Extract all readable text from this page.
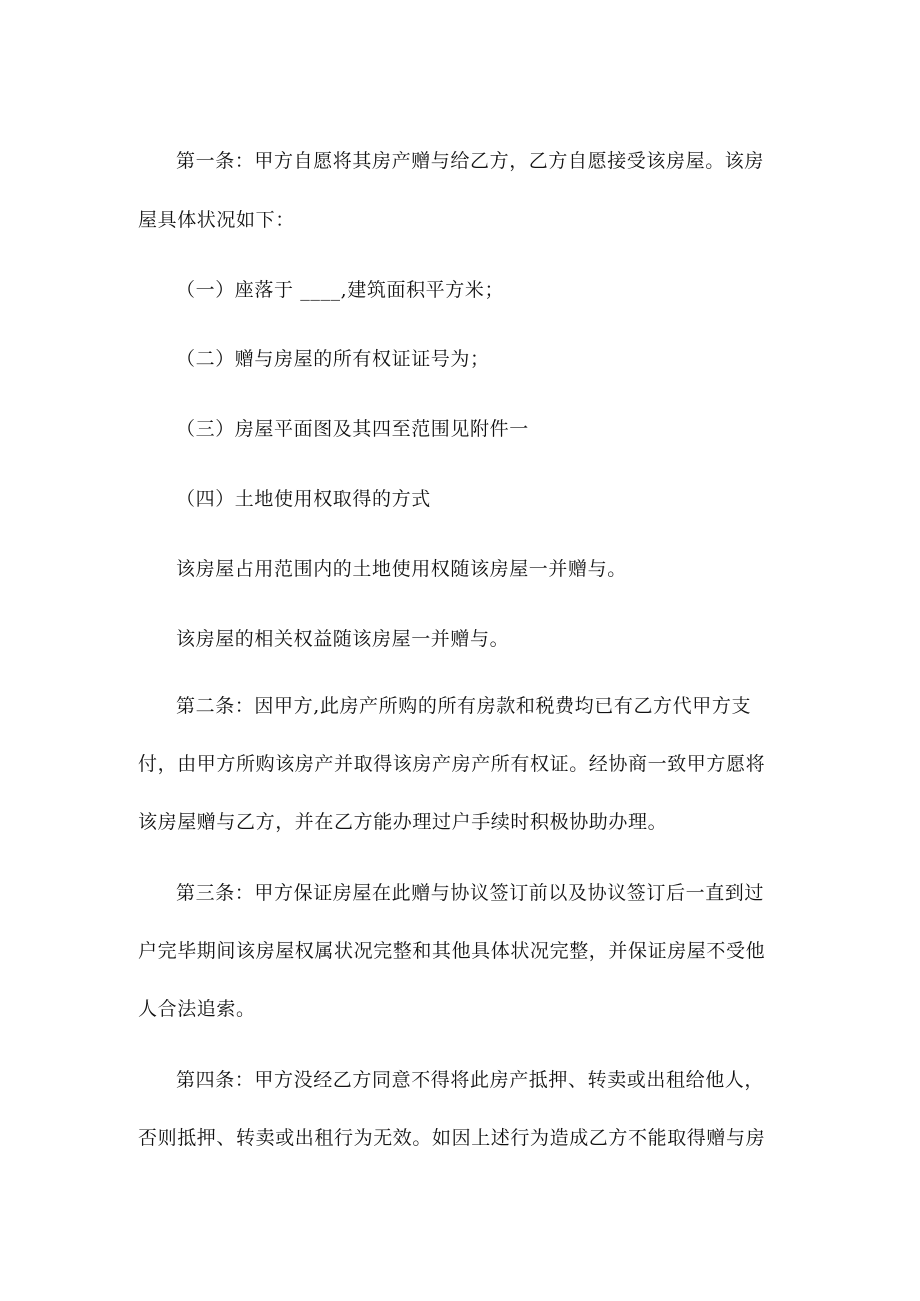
第一条：甲方自愿将其房产赠与给乙方，乙方自愿接受该房屋。该房
屋具体状况如下：
（一）座落于 ____,建筑面积平方米；
（二）赠与房屋的所有权证证号为；
（三）房屋平面图及其四至范围见附件一
（四）土地使用权取得的方式
该房屋占用范围内的土地使用权随该房屋一并赠与。
该房屋的相关权益随该房屋一并赠与。
第二条：因甲方,此房产所购的所有房款和税费均已有乙方代甲方支
付，由甲方所购该房产并取得该房产房产所有权证。经协商一致甲方愿将
该房屋赠与乙方，并在乙方能办理过户手续时积极协助办理。
第三条：甲方保证房屋在此赠与协议签订前以及协议签订后一直到过
户完毕期间该房屋权属状况完整和其他具体状况完整，并保证房屋不受他
人合法追索。
第四条：甲方没经乙方同意不得将此房产抵押、转卖或出租给他人，
否则抵押、转卖或出租行为无效。如因上述行为造成乙方不能取得赠与房
